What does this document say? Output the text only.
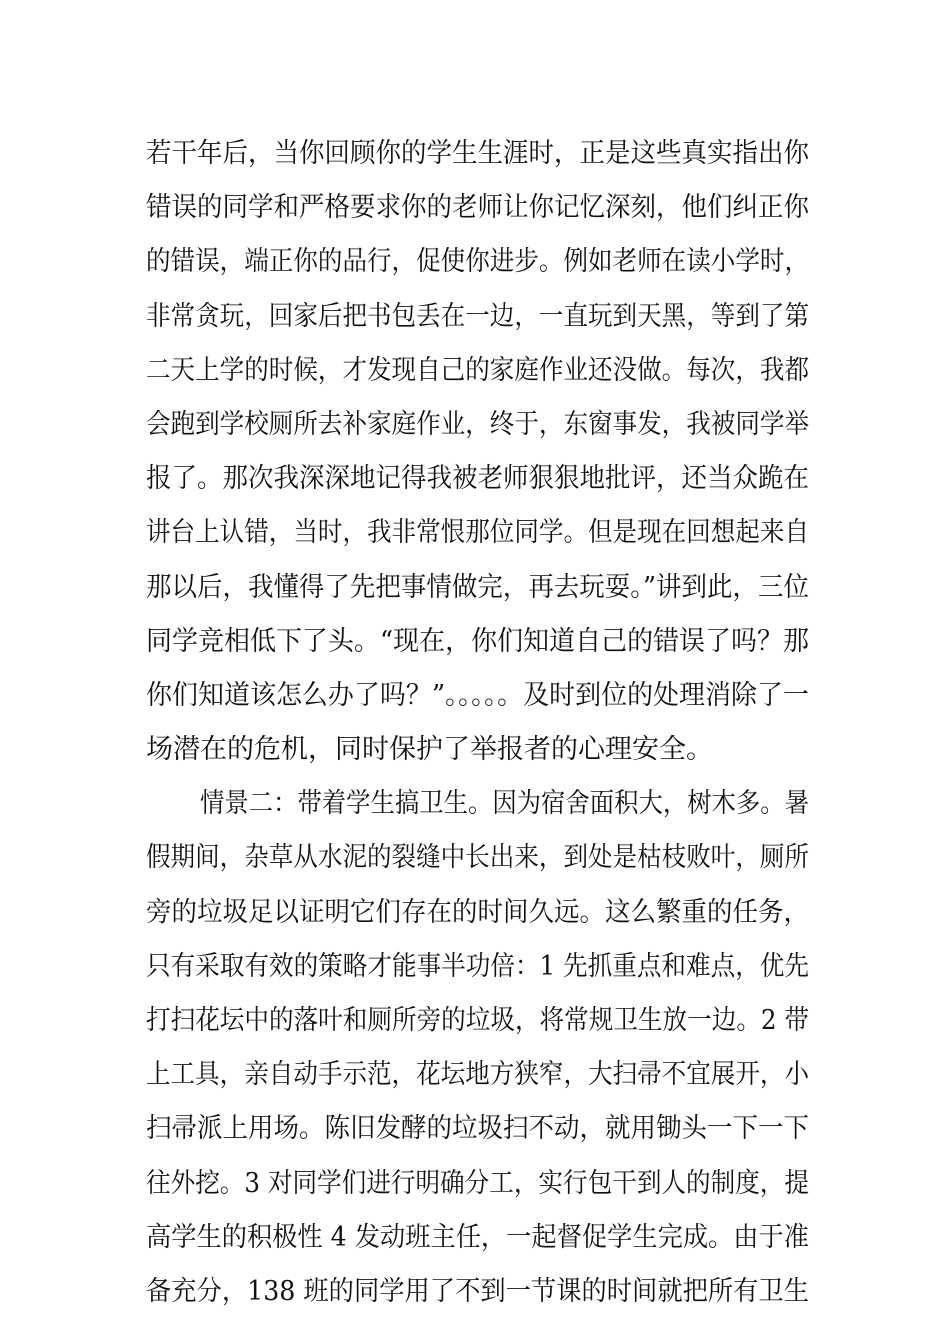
若干年后，当你回顾你的学生生涯时，正是这些真实指出你
错误的同学和严格要求你的老师让你记忆深刻，他们纠正你
的错误，端正你的品行，促使你进步。例如老师在读小学时，
非常贪玩，回家后把书包丢在一边，一直玩到天黑，等到了第
二天上学的时候，才发现自己的家庭作业还没做。每次，我都
会跑到学校厕所去补家庭作业，终于，东窗事发，我被同学举
报了。那次我深深地记得我被老师狠狠地批评，还当众跪在
讲台上认错，当时，我非常恨那位同学。但是现在回想起来自
那以后，我懂得了先把事情做完，再去玩耍。”讲到此，三位
同学竞相低下了头。“现在，你们知道自己的错误了吗？那
你们知道该怎么办了吗？”。。。。。及时到位的处理消除了一
场潜在的危机，同时保护了举报者的心理安全。
情景二：带着学生搞卫生。因为宿舍面积大，树木多。暑
假期间，杂草从水泥的裂缝中长出来，到处是枯枝败叶，厕所
旁的垃圾足以证明它们存在的时间久远。这么繁重的任务，
只有采取有效的策略才能事半功倍：1 先抓重点和难点，优先
打扫花坛中的落叶和厕所旁的垃圾，将常规卫生放一边。2 带
上工具，亲自动手示范，花坛地方狭窄，大扫帚不宜展开，小
扫帚派上用场。陈旧发酵的垃圾扫不动，就用锄头一下一下
往外挖。3 对同学们进行明确分工，实行包干到人的制度，提
高学生的积极性 4 发动班主任，一起督促学生完成。由于准
备充分，138 班的同学用了不到一节课的时间就把所有卫生
